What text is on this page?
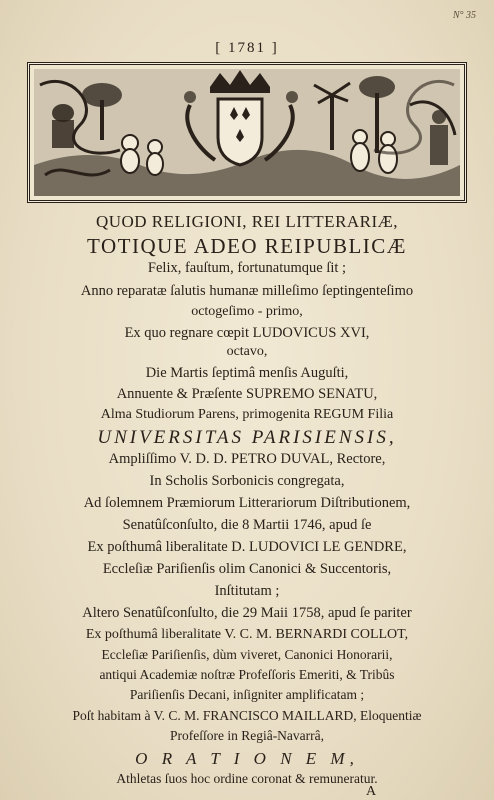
N° 35
[ 1781 ]
QUOD RELIGIONI, REI LITTERARIÆ,
TOTIQUE ADEO REIPUBLICÆ
Felix, fauſtum, fortunatumque ſit ;
Anno reparatæ ſalutis humanæ milleſimo ſeptingenteſimo
octogeſimo - primo,
Ex quo regnare cœpit LUDOVICUS XVI,
octavo,
Die Martis ſeptimâ menſis Auguſti,
Annuente & Præſente SUPREMO SENATU,
Alma Studiorum Parens, primogenita REGUM Filia
UNIVERSITAS PARISIENSIS,
Ampliſſimo V. D. D. PETRO DUVAL, Rectore,
In Scholis Sorbonicis congregata,
Ad ſolemnem Præmiorum Litterariorum Diſtributionem,
Senatûſconſulto, die 8 Martii 1746, apud ſe
Ex poſthumâ liberalitate D. LUDOVICI LE GENDRE,
Eccleſiæ Pariſienſis olim Canonici & Succentoris,
Inſtitutam ;
Altero Senatûſconſulto, die 29 Maii 1758, apud ſe pariter
Ex poſthumâ liberalitate V. C. M. BERNARDI COLLOT,
Eccleſiæ Pariſienſis, dùm viveret, Canonici Honorarii,
antiqui Academiæ noſtræ Profeſſoris Emeriti, & Tribûs
Pariſienſis Decani, inſigniter amplificatam ;
Poſt habitam à V. C. M. FRANCISCO MAILLARD, Eloquentiæ
Profeſſore in Regiâ-Navarrâ,
O R A T I O N E M,
Athletas ſuos hoc ordine coronat & remuneratur.
A
